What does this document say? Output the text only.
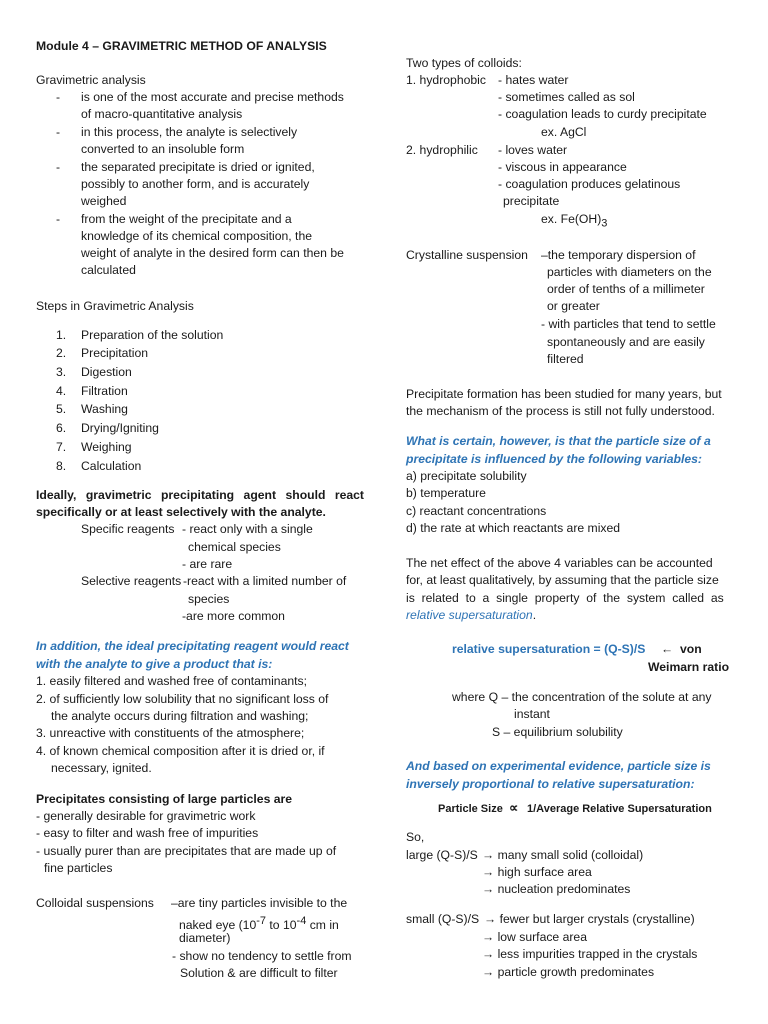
Module 4 – GRAVIMETRIC METHOD OF ANALYSIS
Gravimetric analysis
- is one of the most accurate and precise methods
of macro-quantitative analysis
- in this process, the analyte is selectively
converted to an insoluble form
- the separated precipitate is dried or ignited,
possibly to another form, and is accurately
weighed
- from the weight of the precipitate and a
knowledge of its chemical composition, the
weight of analyte in the desired form can then be
calculated
Steps in Gravimetric Analysis
1. Preparation of the solution
2. Precipitation
3. Digestion
4. Filtration
5. Washing
6. Drying/Igniting
7. Weighing
8. Calculation
Ideally, gravimetric precipitating agent should react
specifically or at least selectively with the analyte.
Specific reagents - react only with a single
chemical species
- are rare
Selective reagents -react with a limited number of
species
-are more common
In addition, the ideal precipitating reagent would react
with the analyte to give a product that is:
1. easily filtered and washed free of contaminants;
2. of sufficiently low solubility that no significant loss of
the analyte occurs during filtration and washing;
3. unreactive with constituents of the atmosphere;
4. of known chemical composition after it is dried or, if
necessary, ignited.
Precipitates consisting of large particles are
- generally desirable for gravimetric work
- easy to filter and wash free of impurities
- usually purer than are precipitates that are made up of
fine particles
Colloidal suspensions –are tiny particles invisible to the
naked eye ($10^{-7}$ to $10^{-4}$ cm in
diameter)
- show no tendency to settle from
Solution & are difficult to filter
Two types of colloids:
1. hydrophobic - hates water
- sometimes called as sol
- coagulation leads to curdy precipitate
ex. AgCl
2. hydrophilic - loves water
- viscous in appearance
- coagulation produces gelatinous
precipitate
ex. $Fe(OH)_3$
Crystalline suspension –the temporary dispersion of
particles with diameters on the
order of tenths of a millimeter
or greater
- with particles that tend to settle
spontaneously and are easily
filtered
Precipitate formation has been studied for many years, but
the mechanism of the process is still not fully understood.
What is certain, however, is that the particle size of a
precipitate is influenced by the following variables:
a) precipitate solubility
b) temperature
c) reactant concentrations
d) the rate at which reactants are mixed
The net effect of the above 4 variables can be accounted
for, at least qualitatively, by assuming that the particle size
is  related  to  a  single  property  of  the  system  called  as
relative supersaturation.
relative supersaturation = (Q-S)/S ← von
Weimarn ratio
where Q – the concentration of the solute at any
instant
S – equilibrium solubility
And based on experimental evidence, particle size is
inversely proportional to relative supersaturation:
Particle Size ∝ 1/Average Relative Supersaturation
So,
large (Q-S)/S → many small solid (colloidal)
→ high surface area
→ nucleation predominates
small (Q-S)/S → fewer but larger crystals (crystalline)
→ low surface area
→ less impurities trapped in the crystals
→ particle growth predominates
